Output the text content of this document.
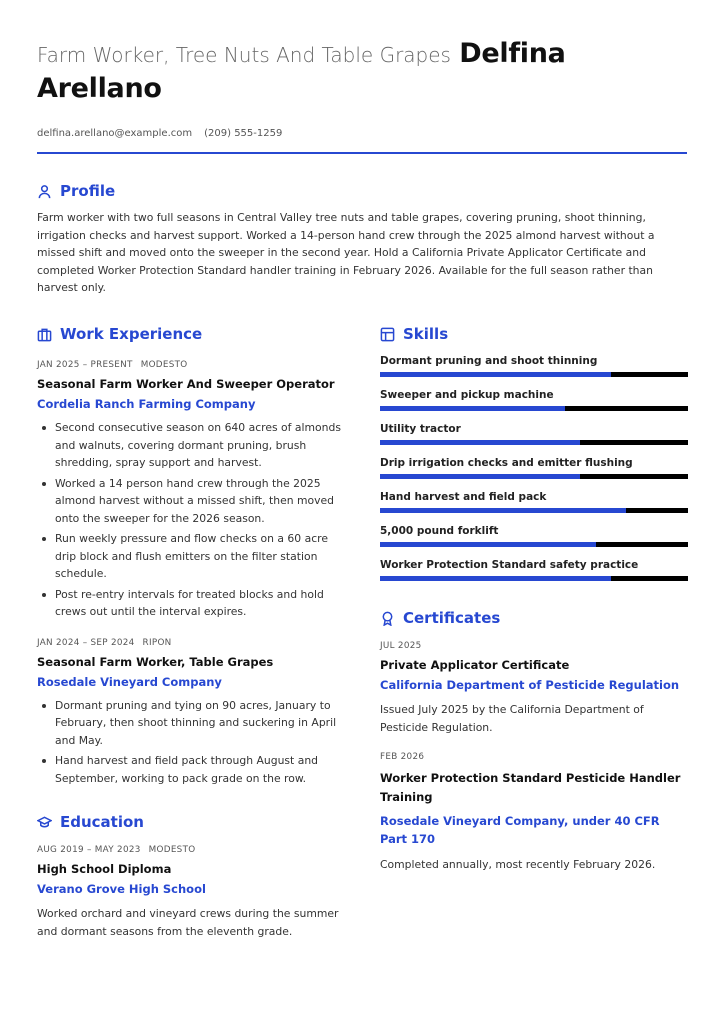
Farm Worker, Tree Nuts And Table Grapes Delfina Arellano
delfina.arellano@example.com (209) 555-1259
Profile

Farm worker with two full seasons in Central Valley tree nuts and table grapes, covering pruning, shoot thinning, irrigation checks and harvest support. Worked a 14-person hand crew through the 2025 almond harvest without a missed shift and moved onto the sweeper in the second year. Hold a California Private Applicator Certificate and completed Worker Protection Standard handler training in February 2026. Available for the full season rather than harvest only.

Work Experience
JAN 2025 – PRESENT MODESTO
Seasonal Farm Worker And Sweeper Operator
Cordelia Ranch Farming Company
Second consecutive season on 640 acres of almonds and walnuts, covering dormant pruning, brush shredding, spray support and harvest.
Worked a 14 person hand crew through the 2025 almond harvest without a missed shift, then moved onto the sweeper for the 2026 season.
Run weekly pressure and flow checks on a 60 acre drip block and flush emitters on the filter station schedule.
Post re-entry intervals for treated blocks and hold crews out until the interval expires.
JAN 2024 – SEP 2024 RIPON
Seasonal Farm Worker, Table Grapes
Rosedale Vineyard Company
Dormant pruning and tying on 90 acres, January to February, then shoot thinning and suckering in April and May.
Hand harvest and field pack through August and September, working to pack grade on the row.
Education
AUG 2019 – MAY 2023 MODESTO
High School Diploma
Verano Grove High School
Worked orchard and vineyard crews during the summer and dormant seasons from the eleventh grade.
Skills
Dormant pruning and shoot thinning
Sweeper and pickup machine
Utility tractor
Drip irrigation checks and emitter flushing
Hand harvest and field pack
5,000 pound forklift
Worker Protection Standard safety practice
Certificates
JUL 2025
Private Applicator Certificate
California Department of Pesticide Regulation
Issued July 2025 by the California Department of Pesticide Regulation.
FEB 2026
Worker Protection Standard Pesticide Handler Training
Rosedale Vineyard Company, under 40 CFR Part 170
Completed annually, most recently February 2026.
